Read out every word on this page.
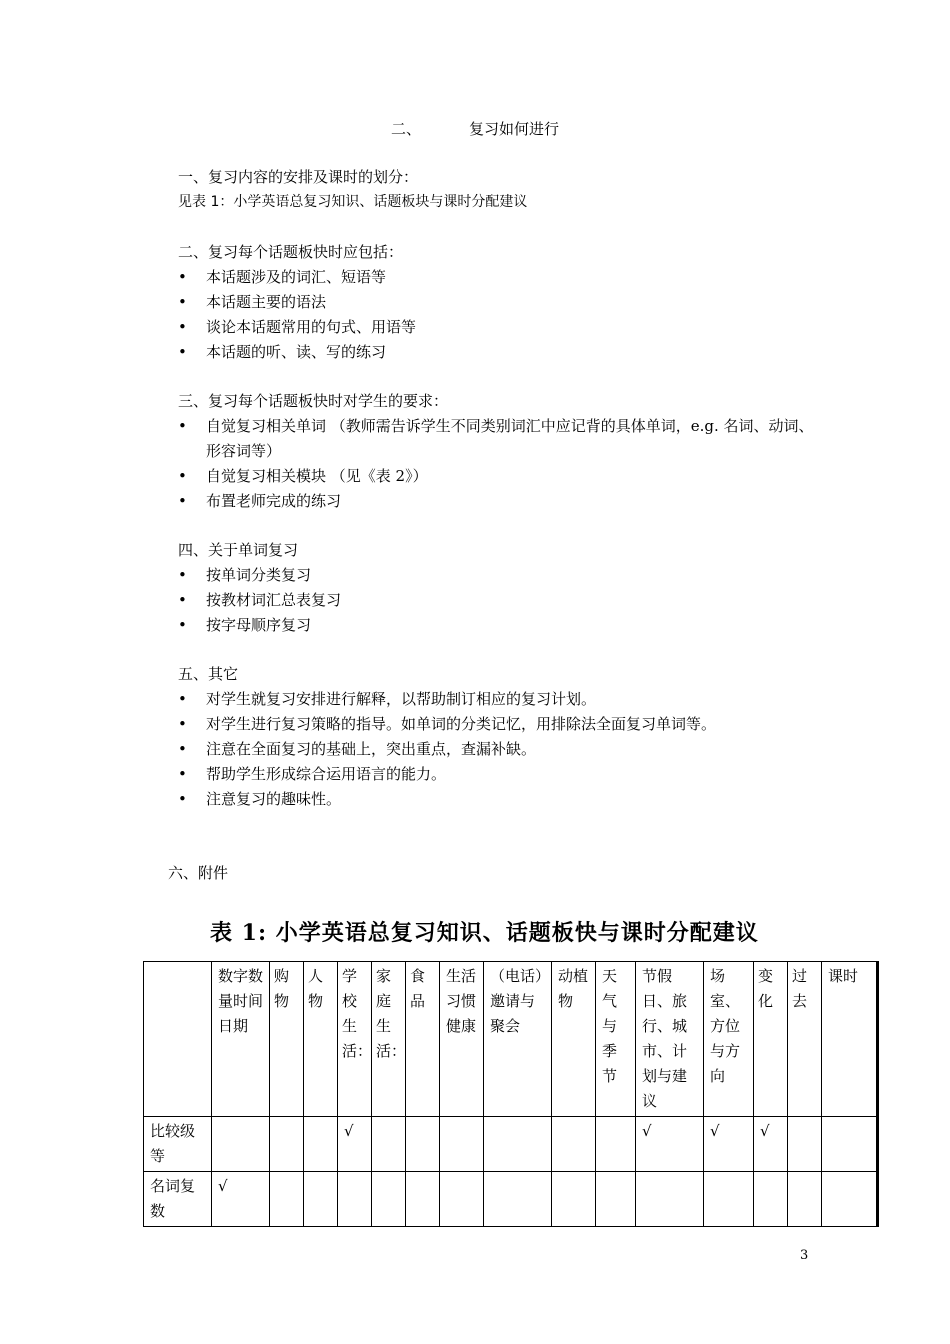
二、	复习如何进行

一、复习内容的安排及课时的划分：

见表 1：小学英语总复习知识、话题板块与课时分配建议

二、复习每个话题板快时应包括：

• 本话题涉及的词汇、短语等
• 本话题主要的语法
• 谈论本话题常用的句式、用语等
• 本话题的听、读、写的练习

三、复习每个话题板快时对学生的要求：

• 自觉复习相关单词 （教师需告诉学生不同类别词汇中应记背的具体单词，e.g. 名词、动词、形容词等）
• 自觉复习相关模块 （见《表 2》）
• 布置老师完成的练习

四、关于单词复习

• 按单词分类复习
• 按教材词汇总表复习
• 按字母顺序复习

五、其它

• 对学生就复习安排进行解释，以帮助制订相应的复习计划。
• 对学生进行复习策略的指导。如单词的分类记忆，用排除法全面复习单词等。
• 注意在全面复习的基础上，突出重点，查漏补缺。
• 帮助学生形成综合运用语言的能力。
• 注意复习的趣味性。
六、附件
表 1: 小学英语总复习知识、话题板快与课时分配建议
	数字数量时间日期	购物	人物	学校生活：	家庭生活：	食品	生活习惯健康	（电话）邀请与聚会	动植物	天气与季节	节假日、旅行、城市、计划与建议	场室、方位与方向	变化	过去	课时
比较级等				√							√	√	√		
名词复数	√														
3
